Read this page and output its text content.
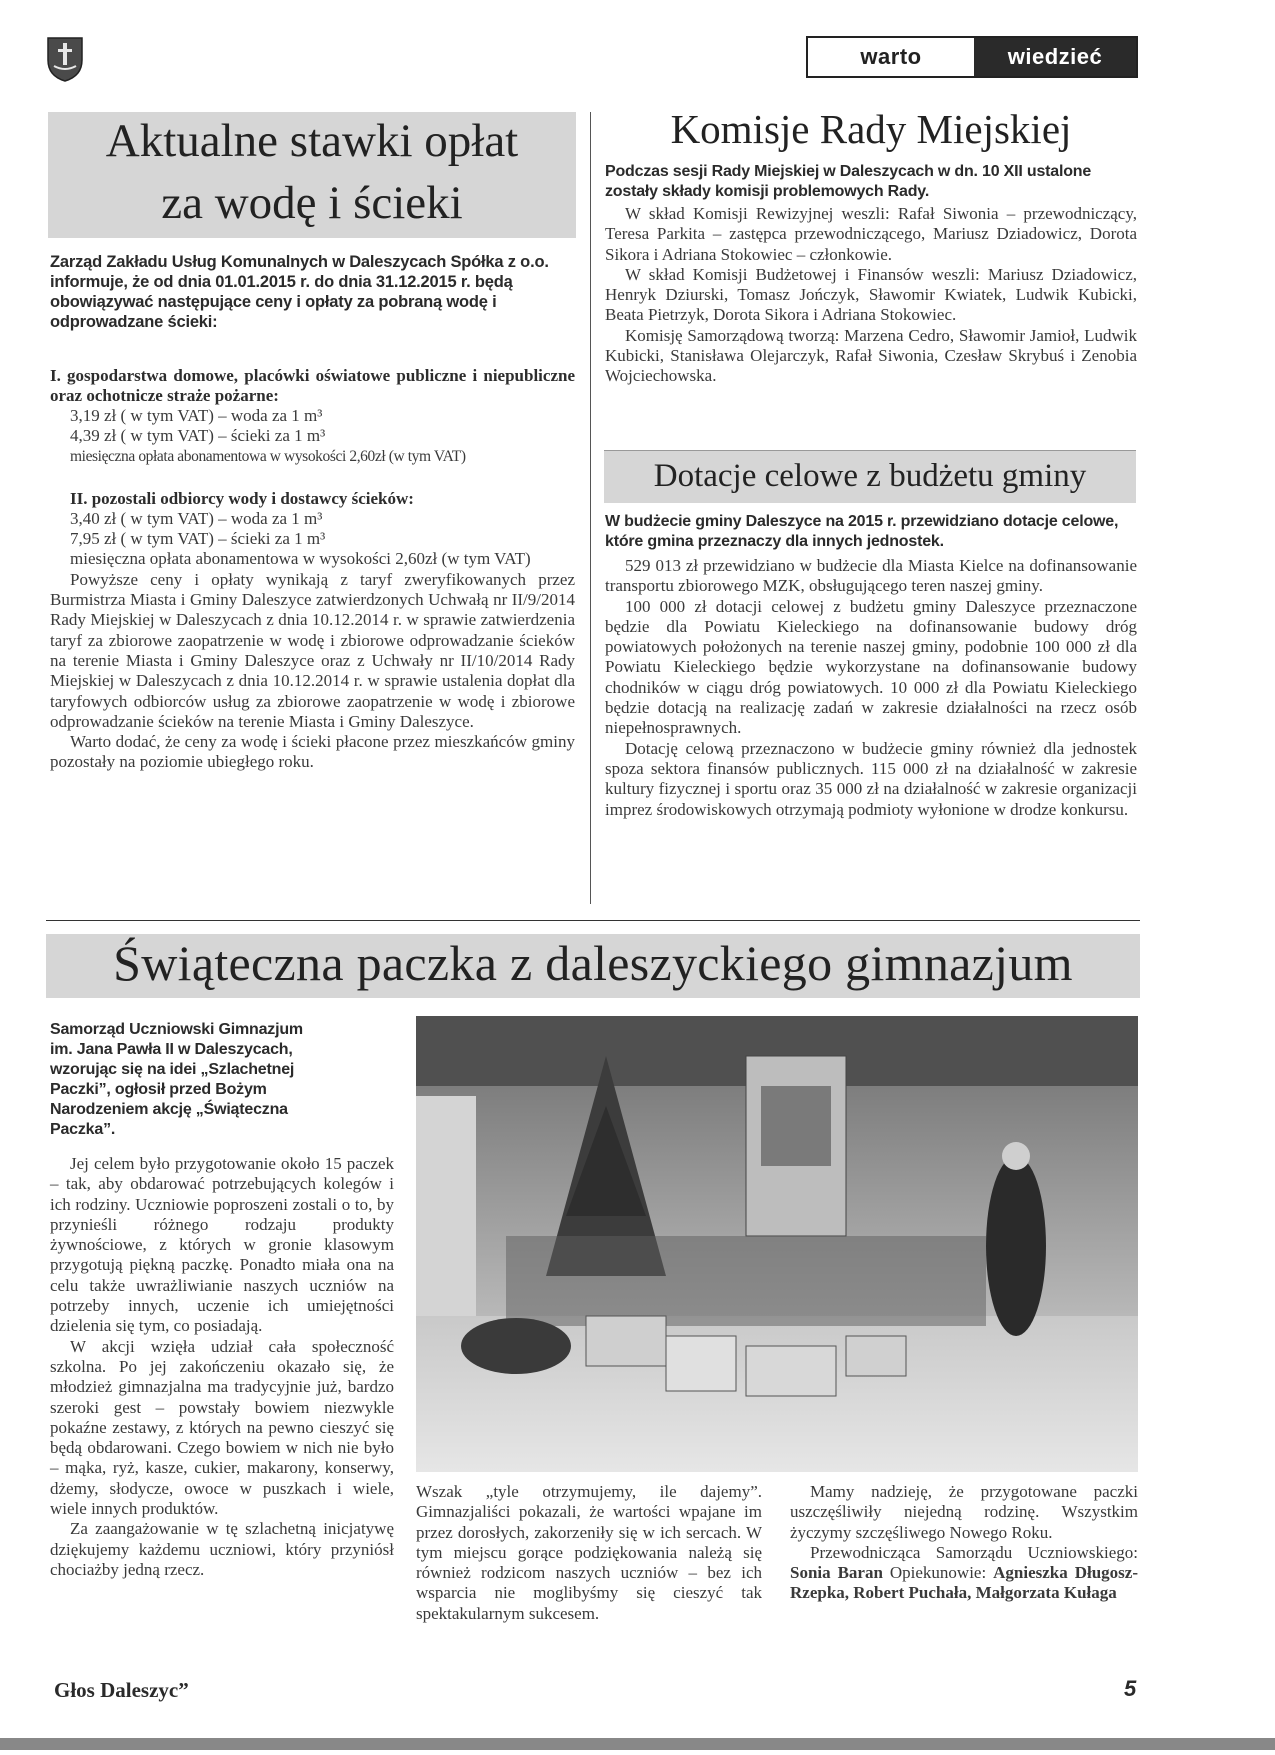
warto	wiedzieć
Aktualne stawki opłat
za wodę i ścieki

Zarząd Zakładu Usług Komunalnych w Daleszycach Spółka z o.o. informuje, że od dnia 01.01.2015 r. do dnia 31.12.2015 r. będą obowiązywać następujące ceny i opłaty za pobraną wodę i odprowadzane ścieki:

I. gospodarstwa domowe, placówki oświatowe publiczne i niepubliczne oraz ochotnicze straże pożarne:

3,19 zł ( w tym VAT) – woda za 1 m³

4,39 zł ( w tym VAT) – ścieki za 1 m³

miesięczna opłata abonamentowa w wysokości 2,60zł (w tym VAT)

II. pozostali odbiorcy wody i dostawcy ścieków:

3,40 zł ( w tym VAT) – woda za 1 m³

7,95 zł ( w tym VAT) – ścieki za 1 m³

miesięczna opłata abonamentowa w wysokości 2,60zł (w tym VAT)

Powyższe ceny i opłaty wynikają z taryf zweryfikowanych przez Burmistrza Miasta i Gminy Daleszyce zatwierdzonych Uchwałą nr II/9/2014 Rady Miejskiej w Daleszycach z dnia 10.12.2014 r. w sprawie zatwierdzenia taryf za zbiorowe zaopatrzenie w wodę i zbiorowe odprowadzanie ścieków na terenie Miasta i Gminy Daleszyce oraz z Uchwały nr II/10/2014 Rady Miejskiej w Daleszycach z dnia 10.12.2014 r. w sprawie ustalenia dopłat dla taryfowych odbiorców usług za zbiorowe zaopatrzenie w wodę i zbiorowe odprowadzanie ścieków na terenie Miasta i Gminy Daleszyce.

Warto dodać, że ceny za wodę i ścieki płacone przez mieszkańców gminy pozostały na poziomie ubiegłego roku.

Komisje Rady Miejskiej

Podczas sesji Rady Miejskiej w Daleszycach w dn. 10 XII ustalone zostały składy komisji problemowych Rady.

W skład Komisji Rewizyjnej weszli: Rafał Siwonia – przewodniczący, Teresa Parkita – zastępca przewodniczącego, Mariusz Dziadowicz, Dorota Sikora i Adriana Stokowiec – członkowie.

W skład Komisji Budżetowej i Finansów weszli: Mariusz Dziadowicz, Henryk Dziurski, Tomasz Jończyk, Sławomir Kwiatek, Ludwik Kubicki, Beata Pietrzyk, Dorota Sikora i Adriana Stokowiec.

Komisję Samorządową tworzą: Marzena Cedro, Sławomir Jamioł, Ludwik Kubicki, Stanisława Olejarczyk, Rafał Siwonia, Czesław Skrybuś i Zenobia Wojciechowska.

Dotacje celowe z budżetu gminy

W budżecie gminy Daleszyce na 2015 r. przewidziano dotacje celowe, które gmina przeznaczy dla innych jednostek.

529 013 zł przewidziano w budżecie dla Miasta Kielce na dofinansowanie transportu zbiorowego MZK, obsługującego teren naszej gminy.

100 000 zł dotacji celowej z budżetu gminy Daleszyce przeznaczone będzie dla Powiatu Kieleckiego na dofinansowanie budowy dróg powiatowych położonych na terenie naszej gminy, podobnie 100 000 zł dla Powiatu Kieleckiego będzie wykorzystane na dofinansowanie budowy chodników w ciągu dróg powiatowych. 10 000 zł dla Powiatu Kieleckiego będzie dotacją na realizację zadań w zakresie działalności na rzecz osób niepełnosprawnych.

Dotację celową przeznaczono w budżecie gminy również dla jednostek spoza sektora finansów publicznych. 115 000 zł na działalność w zakresie kultury fizycznej i sportu oraz 35 000 zł na działalność w zakresie organizacji imprez środowiskowych otrzymają podmioty wyłonione w drodze konkursu.

Świąteczna paczka z daleszyckiego gimnazjum

Samorząd Uczniowski Gimnazjum im. Jana Pawła II w Daleszycach, wzorując się na idei „Szlachetnej Paczki”, ogłosił przed Bożym Narodzeniem akcję „Świąteczna Paczka”.

Jej celem było przygotowanie około 15 paczek – tak, aby obdarować potrzebujących kolegów i ich rodziny. Uczniowie poproszeni zostali o to, by przynieśli różnego rodzaju produkty żywnościowe, z których w gronie klasowym przygotują piękną paczkę. Ponadto miała ona na celu także uwrażliwianie naszych uczniów na potrzeby innych, uczenie ich umiejętności dzielenia się tym, co posiadają.

W akcji wzięła udział cała społeczność szkolna. Po jej zakończeniu okazało się, że młodzież gimnazjalna ma tradycyjnie już, bardzo szeroki gest – powstały bowiem niezwykle pokaźne zestawy, z których na pewno cieszyć się będą obdarowani. Czego bowiem w nich nie było – mąka, ryż, kasze, cukier, makarony, konserwy, dżemy, słodycze, owoce w puszkach i wiele, wiele innych produktów.

Za zaangażowanie w tę szlachetną inicjatywę dziękujemy każdemu uczniowi, który przyniósł chociażby jedną rzecz.

Wszak „tyle otrzymujemy, ile dajemy”. Gimnazjaliści pokazali, że wartości wpajane im przez dorosłych, zakorzeniły się w ich sercach. W tym miejscu gorące podziękowania należą się również rodzicom naszych uczniów – bez ich wsparcia nie moglibyśmy się cieszyć tak spektakularnym sukcesem.

Mamy nadzieję, że przygotowane paczki uszczęśliwiły niejedną rodzinę. Wszystkim życzymy szczęśliwego Nowego Roku.

Przewodnicząca Samorządu Uczniowskiego: Sonia Baran Opiekunowie: Agnieszka Długosz-Rzepka, Robert Puchała, Małgorzata Kułaga

Głos Daleszyc”	5
